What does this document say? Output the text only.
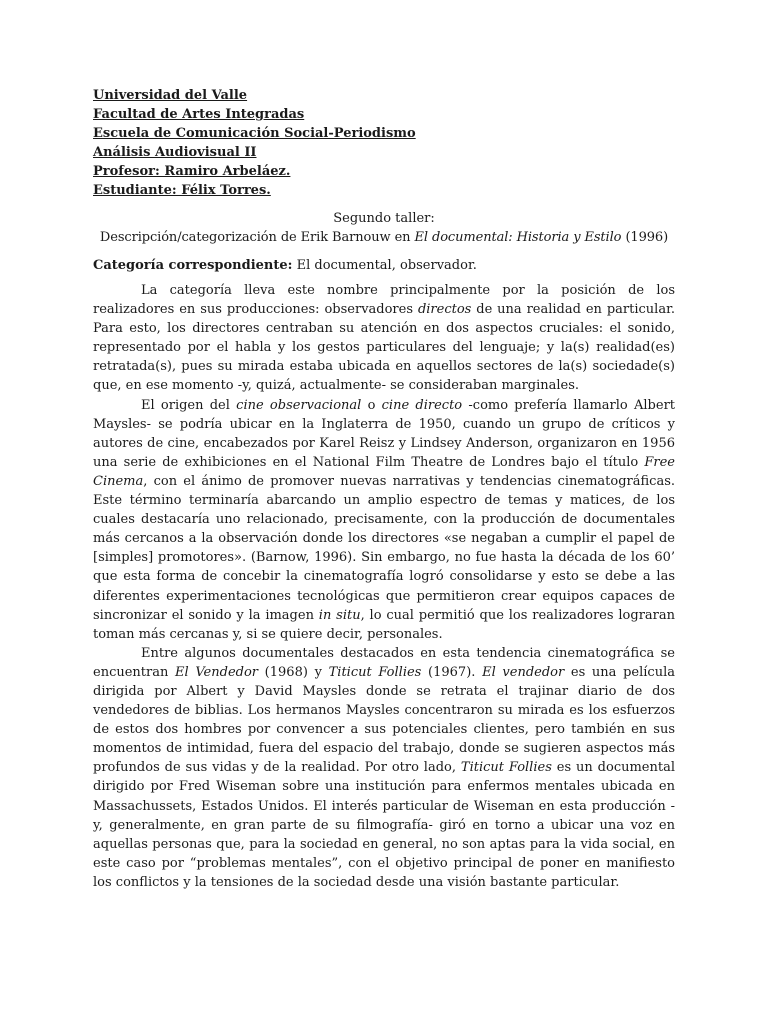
Universidad del Valle
Facultad de Artes Integradas
Escuela de Comunicación Social-Periodismo
Análisis Audiovisual II
Profesor: Ramiro Arbeláez.
Estudiante: Félix Torres.
Segundo taller:
Descripción/categorización de Erik Barnouw en El documental: Historia y Estilo (1996)
Categoría correspondiente: El documental, observador.

La categoría lleva este nombre principalmente por la posición de los realizadores en sus producciones: observadores directos de una realidad en particular. Para esto, los directores centraban su atención en dos aspectos cruciales: el sonido, representado por el habla y los gestos particulares del lenguaje; y la(s) realidad(es) retratada(s), pues su mirada estaba ubicada en aquellos sectores de la(s) sociedade(s) que, en ese momento -y, quizá, actualmente- se consideraban marginales.

El origen del cine observacional o cine directo -como prefería llamarlo Albert Maysles- se podría ubicar en la Inglaterra de 1950, cuando un grupo de críticos y autores de cine, encabezados por Karel Reisz y Lindsey Anderson, organizaron en 1956 una serie de exhibiciones en el National Film Theatre de Londres bajo el título Free Cinema, con el ánimo de promover nuevas narrativas y tendencias cinematográficas. Este término terminaría abarcando un amplio espectro de temas y matices, de los cuales destacaría uno relacionado, precisamente, con la producción de documentales más cercanos a la observación donde los directores «se negaban a cumplir el papel de [simples] promotores». (Barnow, 1996). Sin embargo, no fue hasta la década de los 60’ que esta forma de concebir la cinematografía logró consolidarse y esto se debe a las diferentes experimentaciones tecnológicas que permitieron crear equipos capaces de sincronizar el sonido y la imagen in situ, lo cual permitió que los realizadores lograran toman más cercanas y, si se quiere decir, personales.

Entre algunos documentales destacados en esta tendencia cinematográfica se encuentran El Vendedor (1968) y Titicut Follies (1967). El vendedor es una película dirigida por Albert y David Maysles donde se retrata el trajinar diario de dos vendedores de biblias. Los hermanos Maysles concentraron su mirada es los esfuerzos de estos dos hombres por convencer a sus potenciales clientes, pero también en sus momentos de intimidad, fuera del espacio del trabajo, donde se sugieren aspectos más profundos de sus vidas y de la realidad. Por otro lado, Titicut Follies es un documental dirigido por Fred Wiseman sobre una institución para enfermos mentales ubicada en Massachussets, Estados Unidos. El interés particular de Wiseman en esta producción -y, generalmente, en gran parte de su filmografía- giró en torno a ubicar una voz en aquellas personas que, para la sociedad en general, no son aptas para la vida social, en este caso por “problemas mentales”, con el objetivo principal de poner en manifiesto los conflictos y la tensiones de la sociedad desde una visión bastante particular.
